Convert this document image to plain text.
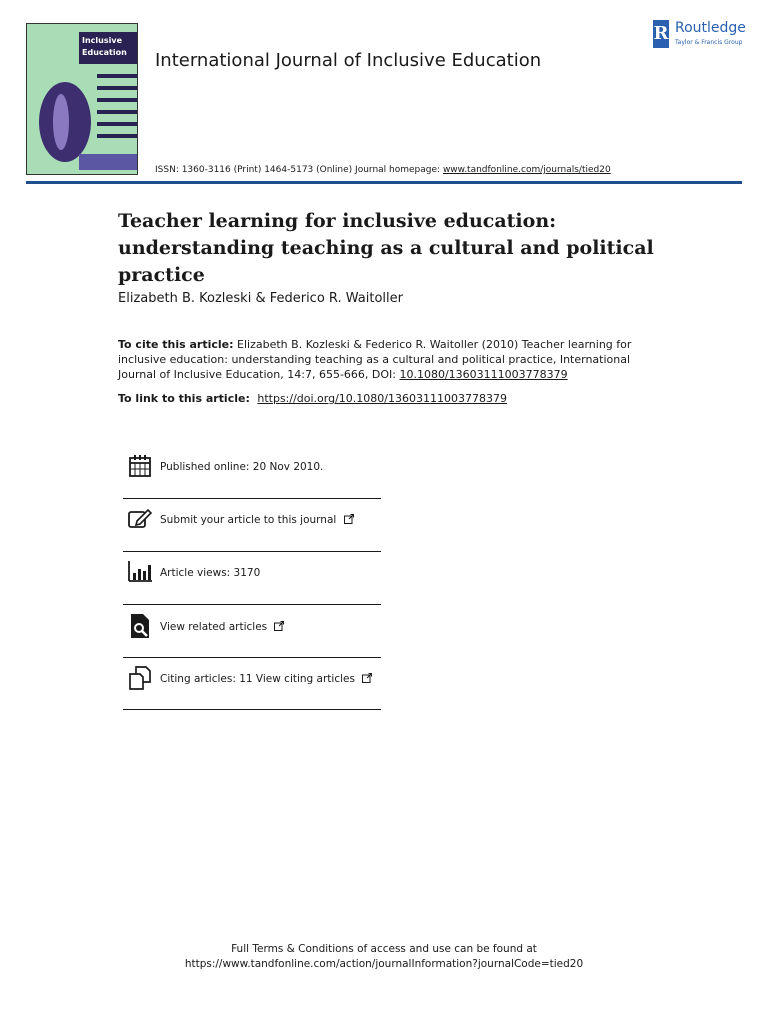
Inclusive
Education	International Journal of Inclusive Education
ISSN: 1360-3116 (Print) 1464-5173 (Online) Journal homepage: www.tandfonline.com/journals/tied20
R Routledge
Taylor & Francis Group
Teacher learning for inclusive education: understanding teaching as a cultural and political practice
Elizabeth B. Kozleski & Federico R. Waitoller
To cite this article: Elizabeth B. Kozleski & Federico R. Waitoller (2010) Teacher learning for inclusive education: understanding teaching as a cultural and political practice, International Journal of Inclusive Education, 14:7, 655-666, DOI: 10.1080/13603111003778379
To link to this article: https://doi.org/10.1080/13603111003778379
Published online: 20 Nov 2010.
Submit your article to this journal
Article views: 3170
View related articles
Citing articles: 11 View citing articles
Full Terms & Conditions of access and use can be found at
https://www.tandfonline.com/action/journalInformation?journalCode=tied20
